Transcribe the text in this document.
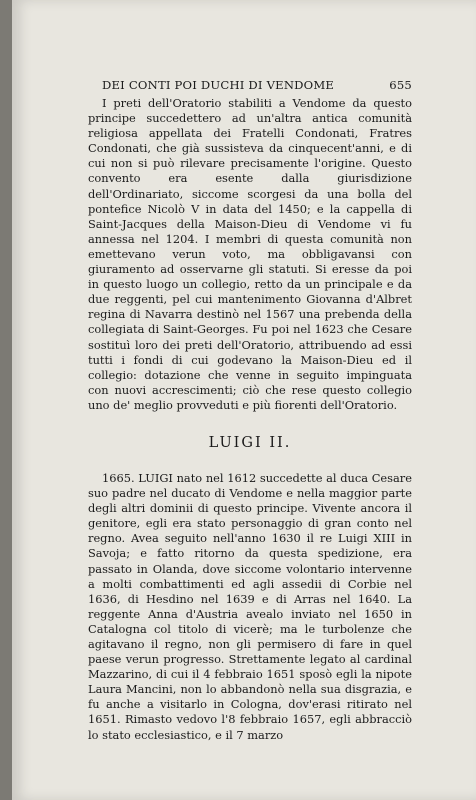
DEI CONTI POI DUCHI DI VENDOME	655

I preti dell'Oratorio stabiliti a Vendome da questo principe succedettero ad un'altra antica comunità religiosa appellata dei Fratelli Condonati, Fratres Condonati, che già sussisteva da cinquecent'anni, e di cui non si può rilevare precisamente l'origine. Questo convento era esente dalla giurisdizione dell'Ordinariato, siccome scorgesi da una bolla del pontefice Nicolò V in data del 1450; e la cappella di Saint-Jacques della Maison-Dieu di Vendome vi fu annessa nel 1204. I membri di questa comunità non emettevano verun voto, ma obbligavansi con giuramento ad osservarne gli statuti. Si eresse da poi in questo luogo un collegio, retto da un principale e da due reggenti, pel cui mantenimento Giovanna d'Albret regina di Navarra destinò nel 1567 una prebenda della collegiata di Saint-Georges. Fu poi nel 1623 che Cesare sostituì loro dei preti dell'Oratorio, attribuendo ad essi tutti i fondi di cui godevano la Maison-Dieu ed il collegio: dotazione che venne in seguito impinguata con nuovi accrescimenti; ciò che rese questo collegio uno de' meglio provveduti e più fiorenti dell'Oratorio.

LUIGI II.

1665. LUIGI nato nel 1612 succedette al duca Cesare suo padre nel ducato di Vendome e nella maggior parte degli altri dominii di questo principe. Vivente ancora il genitore, egli era stato personaggio di gran conto nel regno. Avea seguito nell'anno 1630 il re Luigi XIII in Savoja; e fatto ritorno da questa spedizione, era passato in Olanda, dove siccome volontario intervenne a molti combattimenti ed agli assedii di Corbie nel 1636, di Hesdino nel 1639 e di Arras nel 1640. La reggente Anna d'Austria avealo inviato nel 1650 in Catalogna col titolo di vicerè; ma le turbolenze che agitavano il regno, non gli permisero di fare in quel paese verun progresso. Strettamente legato al cardinal Mazzarino, di cui il 4 febbraio 1651 sposò egli la nipote Laura Mancini, non lo abbandonò nella sua disgrazia, e fu anche a visitarlo in Cologna, dov'erasi ritirato nel 1651. Rimasto vedovo l'8 febbraio 1657, egli abbracciò lo stato ecclesiastico, e il 7 marzo
